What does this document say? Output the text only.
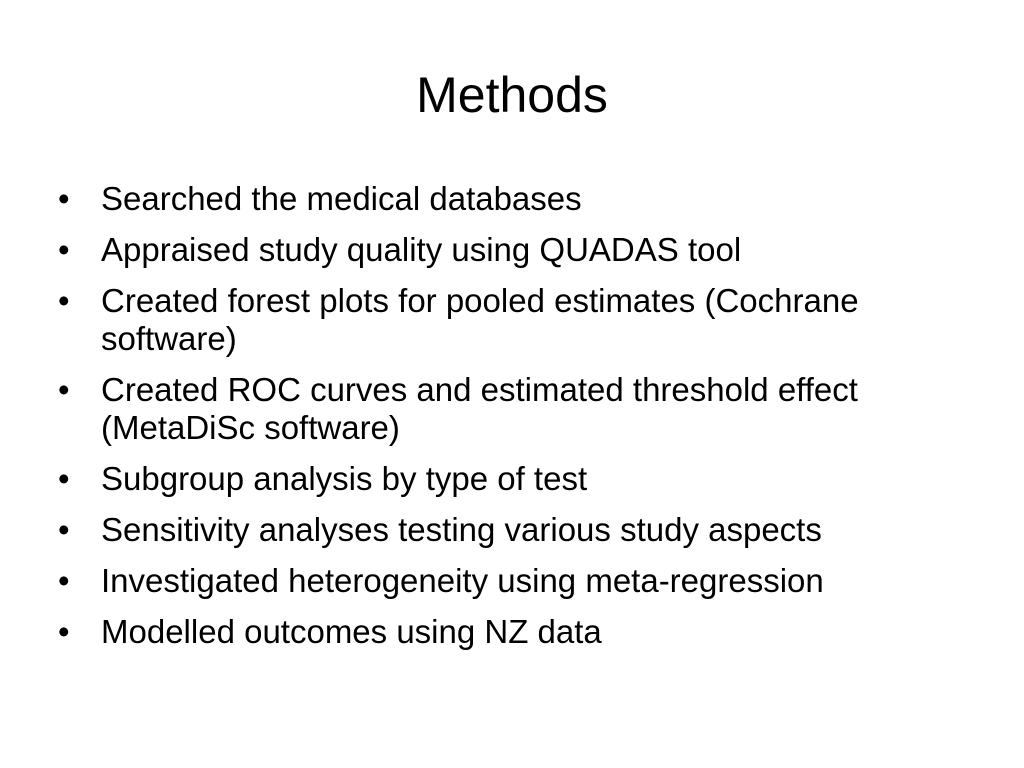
Methods
• Searched the medical databases
• Appraised study quality using QUADAS tool
• Created forest plots for pooled estimates (Cochrane software)
• Created ROC curves and estimated threshold effect (MetaDiSc software)
• Subgroup analysis by type of test
• Sensitivity analyses testing various study aspects
• Investigated heterogeneity using meta-regression
• Modelled outcomes using NZ data
